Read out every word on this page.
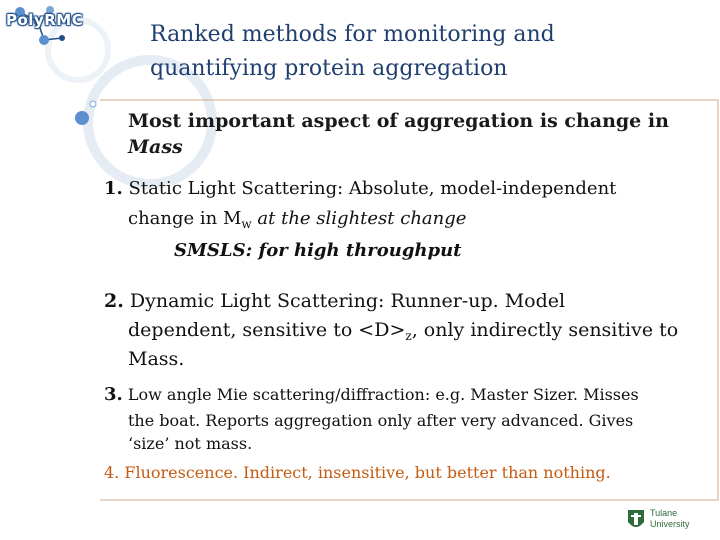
PolyRMC
Ranked methods for monitoring and
quantifying protein aggregation
Most important aspect of aggregation is change in
Mass
1. Static Light Scattering: Absolute, model-independent
change in $M_w$ at the slightest change
SMSLS: for high throughput
2. Dynamic Light Scattering: Runner-up. Model
dependent, sensitive to $<D>_z$, only indirectly sensitive to
Mass.
3. Low angle Mie scattering/diffraction: e.g. Master Sizer. Misses
the boat. Reports aggregation only after very advanced. Gives
‘size’ not mass.
4. Fluorescence. Indirect, insensitive, but better than nothing.
Tulane
University
